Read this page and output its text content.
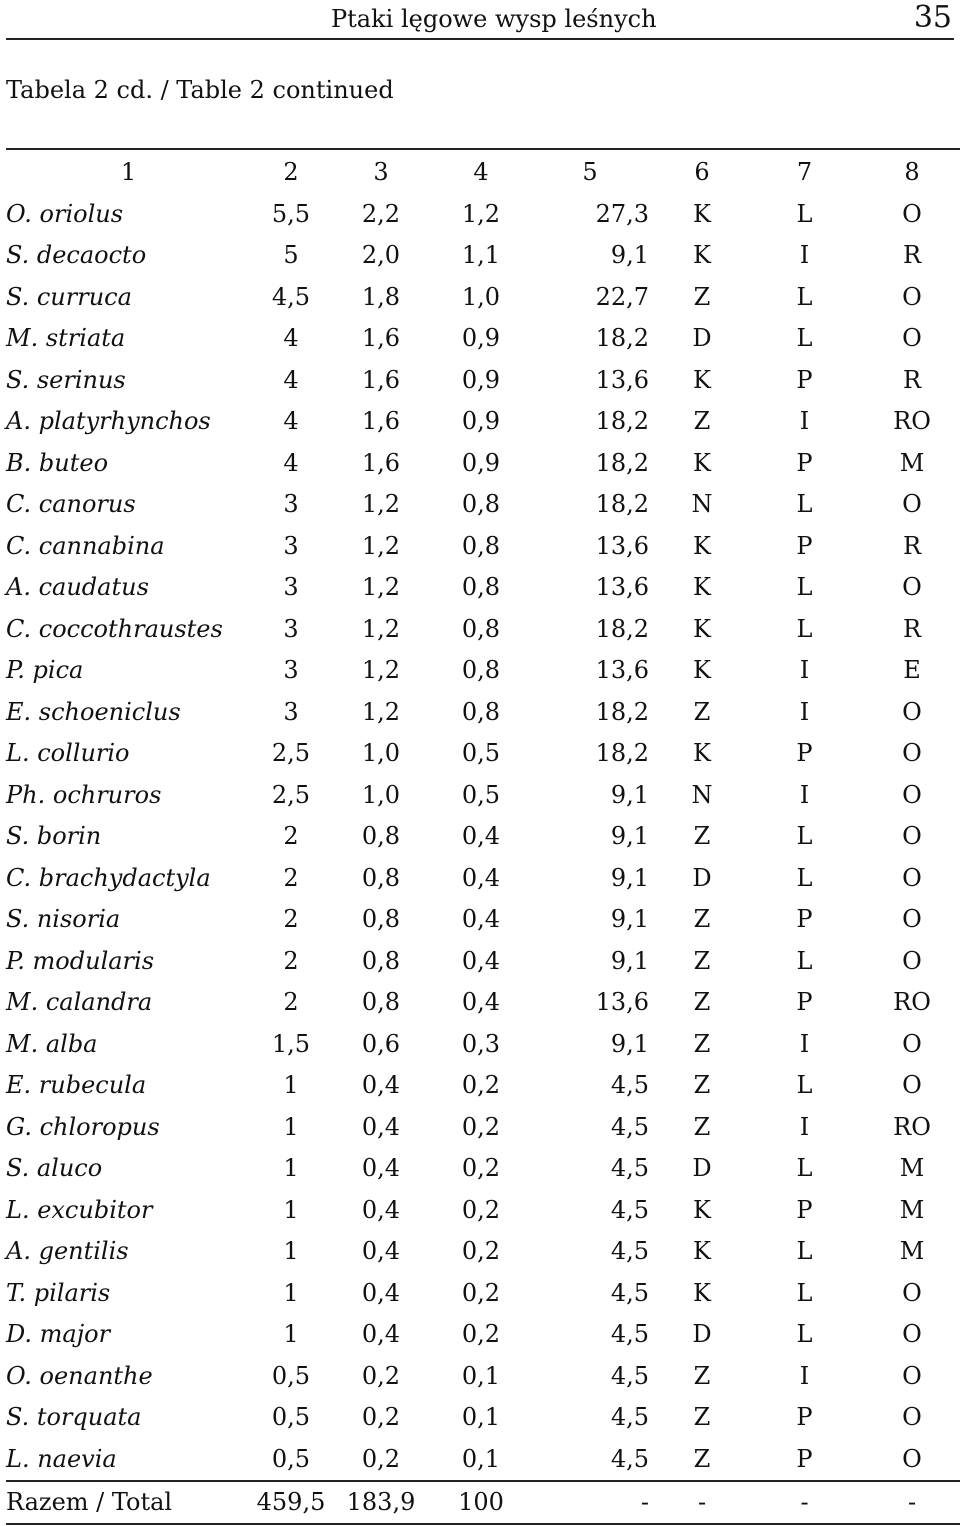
Ptaki lęgowe wysp leśnych	35
Tabela 2 cd. / Table 2 continued
1	2	3	4	5	6	7	8
O. oriolus	5,5	2,2	1,2	27,3	K	L	O
S. decaocto	5	2,0	1,1	9,1	K	I	R
S. curruca	4,5	1,8	1,0	22,7	Z	L	O
M. striata	4	1,6	0,9	18,2	D	L	O
S. serinus	4	1,6	0,9	13,6	K	P	R
A. platyrhynchos	4	1,6	0,9	18,2	Z	I	RO
B. buteo	4	1,6	0,9	18,2	K	P	M
C. canorus	3	1,2	0,8	18,2	N	L	O
C. cannabina	3	1,2	0,8	13,6	K	P	R
A. caudatus	3	1,2	0,8	13,6	K	L	O
C. coccothraustes	3	1,2	0,8	18,2	K	L	R
P. pica	3	1,2	0,8	13,6	K	I	E
E. schoeniclus	3	1,2	0,8	18,2	Z	I	O
L. collurio	2,5	1,0	0,5	18,2	K	P	O
Ph. ochruros	2,5	1,0	0,5	9,1	N	I	O
S. borin	2	0,8	0,4	9,1	Z	L	O
C. brachydactyla	2	0,8	0,4	9,1	D	L	O
S. nisoria	2	0,8	0,4	9,1	Z	P	O
P. modularis	2	0,8	0,4	9,1	Z	L	O
M. calandra	2	0,8	0,4	13,6	Z	P	RO
M. alba	1,5	0,6	0,3	9,1	Z	I	O
E. rubecula	1	0,4	0,2	4,5	Z	L	O
G. chloropus	1	0,4	0,2	4,5	Z	I	RO
S. aluco	1	0,4	0,2	4,5	D	L	M
L. excubitor	1	0,4	0,2	4,5	K	P	M
A. gentilis	1	0,4	0,2	4,5	K	L	M
T. pilaris	1	0,4	0,2	4,5	K	L	O
D. major	1	0,4	0,2	4,5	D	L	O
O. oenanthe	0,5	0,2	0,1	4,5	Z	I	O
S. torquata	0,5	0,2	0,1	4,5	Z	P	O
L. naevia	0,5	0,2	0,1	4,5	Z	P	O
Razem / Total	459,5	183,9	100	-	-	-	-
